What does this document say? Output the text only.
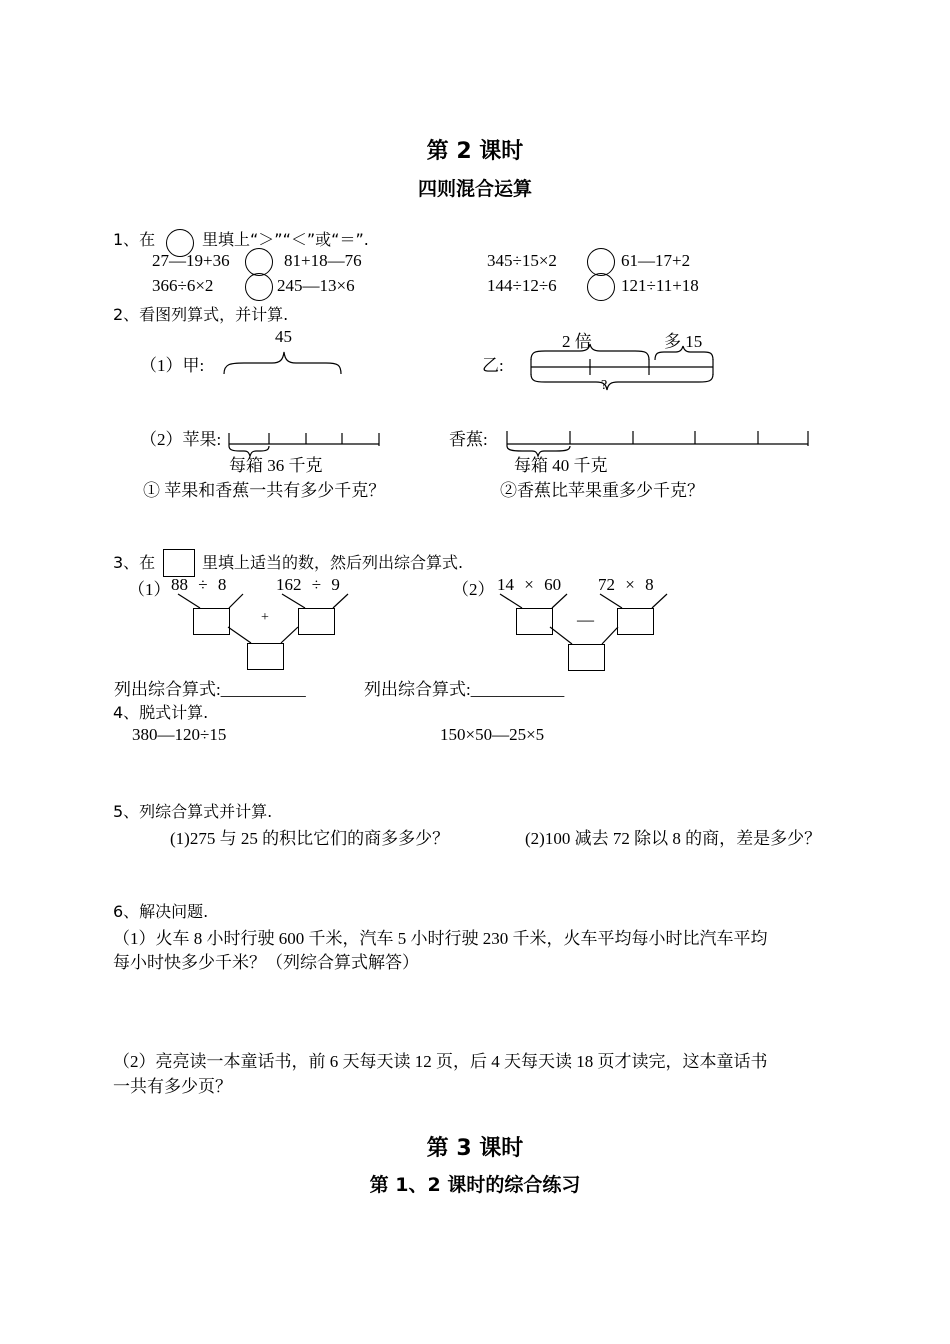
第 2 课时
四则混合运算
1、在	里填上“＞”“＜”或“＝”.
27—19+36	81+18—76
366÷6×2	245—13×6
345÷15×2	61—17+2
144÷12÷6	121÷11+18
2、看图列算式，并计算.
（1）甲:
45
乙:
2 倍	多 15
?
（2）苹果:	香蕉:
每箱 36 千克	每箱 40 千克
① 苹果和香蕉一共有多少千克？	②香蕉比苹果重多少千克？
3、在	里填上适当的数，然后列出综合算式.
（1） 88 ÷ 8	162 ÷ 9
+
（2） 14 × 60 72 × 8
—
列出综合算式:__________	列出综合算式:___________
4、脱式计算.
380—120÷15	150×50—25×5
5、列综合算式并计算.
(1)275 与 25 的积比它们的商多多少？	(2)100 减去 72 除以 8 的商，差是多少？
6、解决问题.
（1）火车 8 小时行驶 600 千米，汽车 5 小时行驶 230 千米，火车平均每小时比汽车平均
每小时快多少千米？（列综合算式解答）
（2）亮亮读一本童话书，前 6 天每天读 12 页，后 4 天每天读 18 页才读完，这本童话书
一共有多少页？
第 3 课时
第 1、2 课时的综合练习
